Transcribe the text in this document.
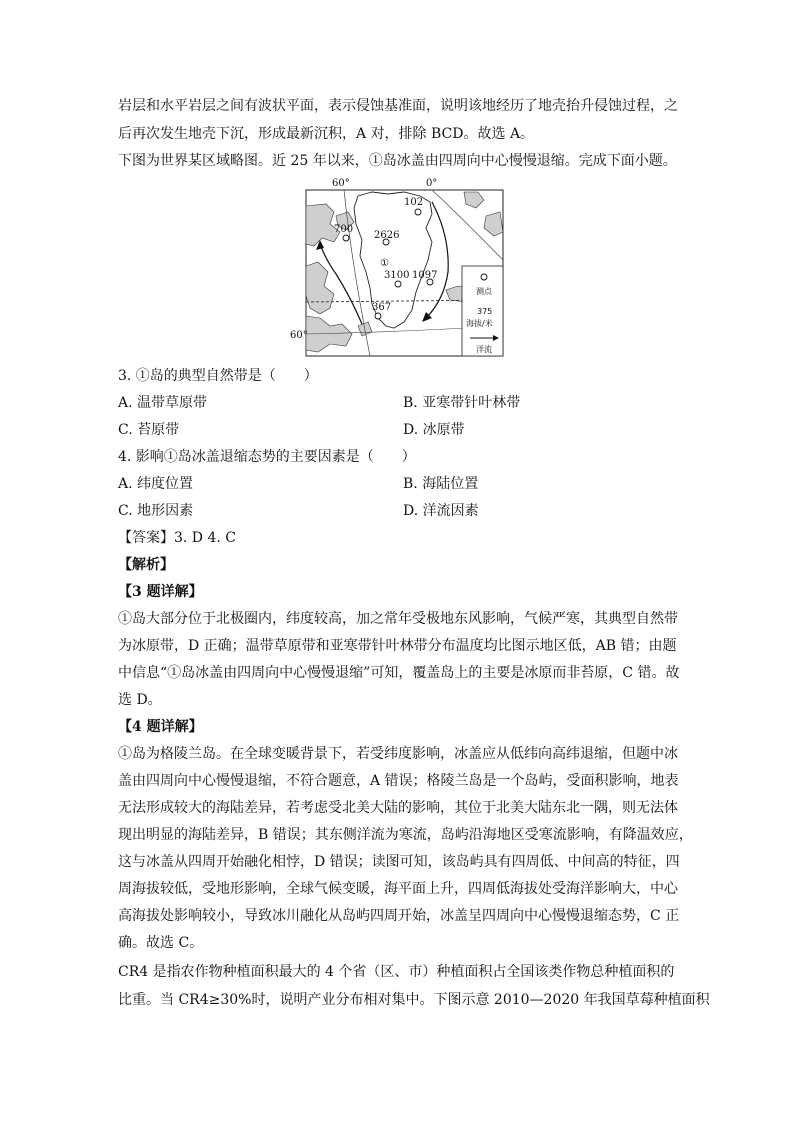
岩层和水平岩层之间有波状平面，表示侵蚀基准面，说明该地经历了地壳抬升侵蚀过程，之
后再次发生地壳下沉，形成最新沉积，A 对，排除 BCD。故选 A。
下图为世界某区域略图。近 25 年以来，①岛冰盖由四周向中心慢慢退缩。完成下面小题。
102
700
2626
3100 1097
367
①
60°	0°
60°
测点
375
海拔/米
洋流
3. ①岛的典型自然带是（　　）
A. 温带草原带	B. 亚寒带针叶林带
C. 苔原带	D. 冰原带
4. 影响①岛冰盖退缩态势的主要因素是（　　）
A. 纬度位置	B. 海陆位置
C. 地形因素	D. 洋流因素
【答案】3. D 4. C
【解析】
【3 题详解】
①岛大部分位于北极圈内，纬度较高，加之常年受极地东风影响，气候严寒，其典型自然带
为冰原带，D 正确；温带草原带和亚寒带针叶林带分布温度均比图示地区低，AB 错；由题
中信息“①岛冰盖由四周向中心慢慢退缩”可知，覆盖岛上的主要是冰原而非苔原，C 错。故
选 D。
【4 题详解】
①岛为格陵兰岛。在全球变暖背景下，若受纬度影响，冰盖应从低纬向高纬退缩，但题中冰
盖由四周向中心慢慢退缩，不符合题意，A 错误；格陵兰岛是一个岛屿，受面积影响，地表
无法形成较大的海陆差异，若考虑受北美大陆的影响，其位于北美大陆东北一隅，则无法体
现出明显的海陆差异，B 错误；其东侧洋流为寒流，岛屿沿海地区受寒流影响，有降温效应，
这与冰盖从四周开始融化相悖，D 错误；读图可知，该岛屿具有四周低、中间高的特征，四
周海拔较低，受地形影响，全球气候变暖，海平面上升，四周低海拔处受海洋影响大，中心
高海拔处影响较小，导致冰川融化从岛屿四周开始，冰盖呈四周向中心慢慢退缩态势，C 正
确。故选 C。
CR4 是指农作物种植面积最大的 4 个省（区、市）种植面积占全国该类作物总种植面积的
比重。当 CR4≥30%时，说明产业分布相对集中。下图示意 2010—2020 年我国草莓种植面积
